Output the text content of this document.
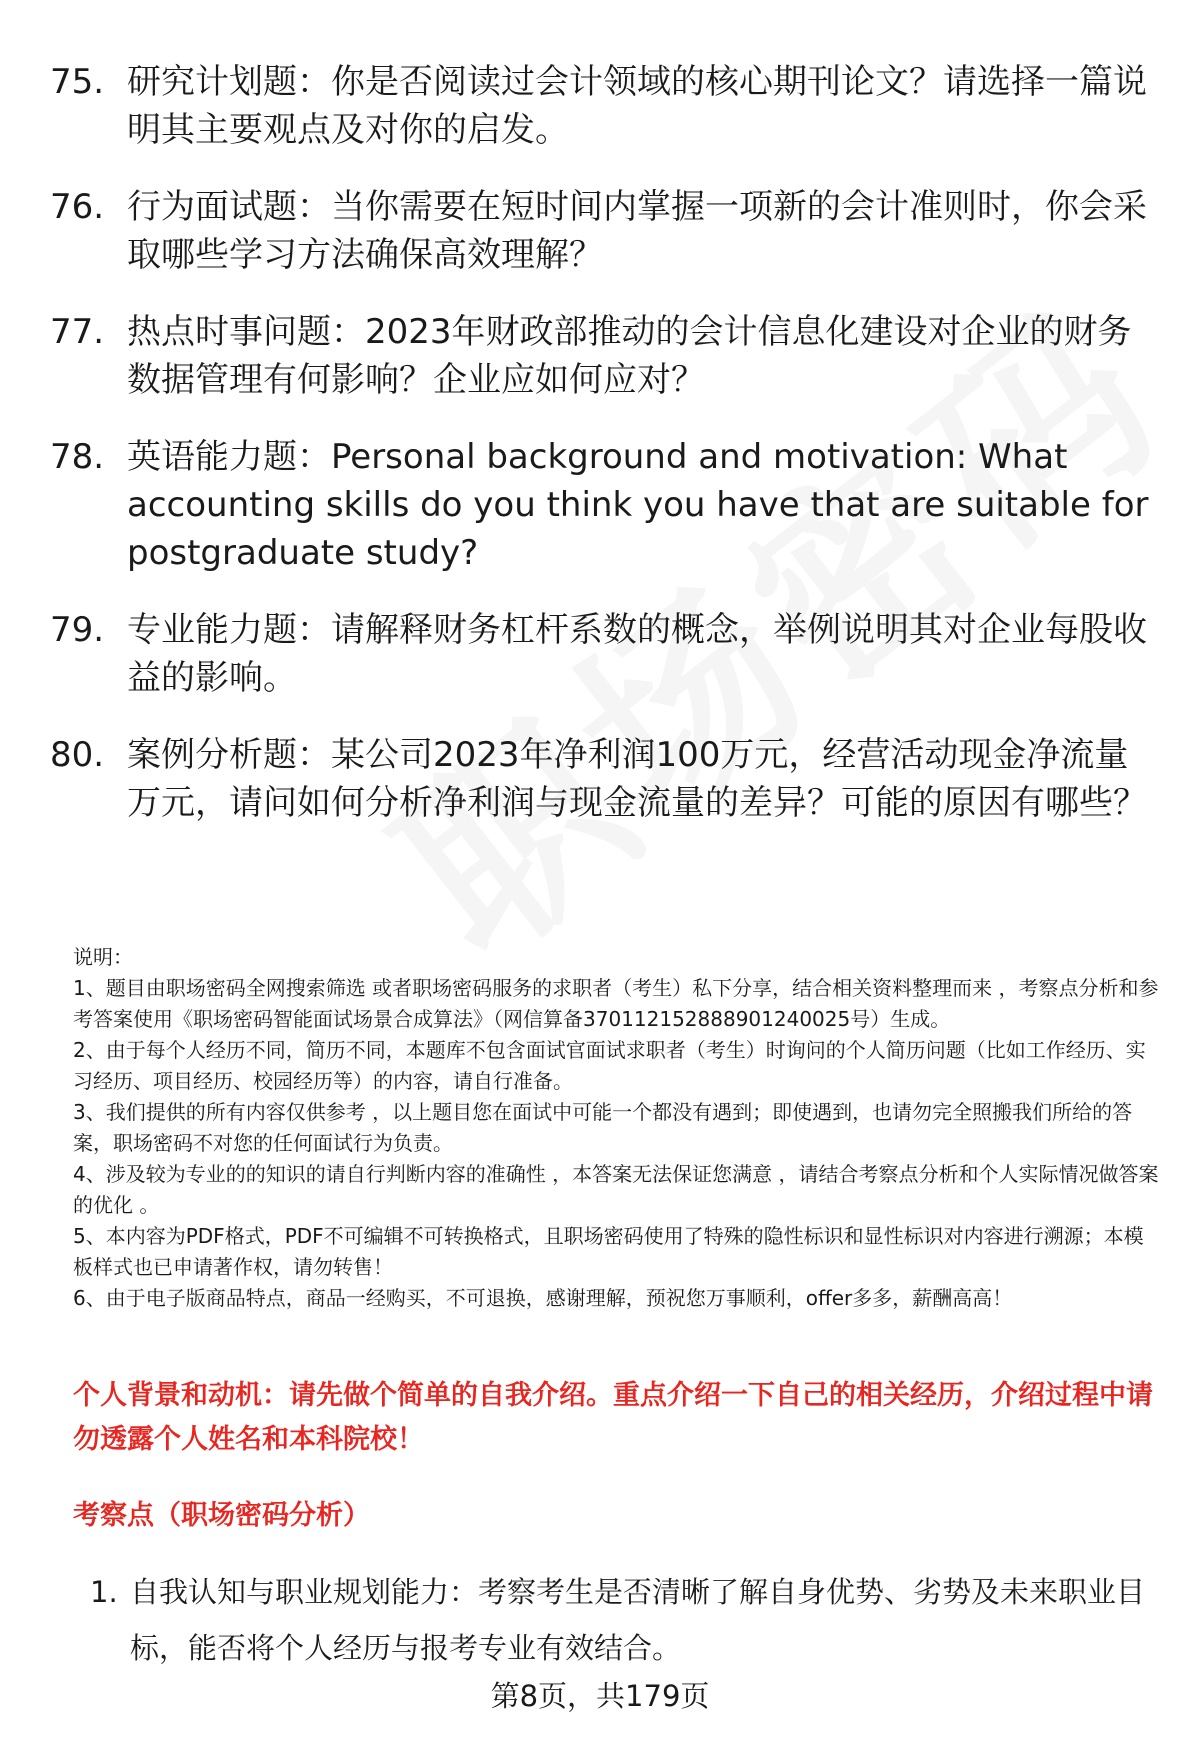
75. 研究计划题：你是否阅读过会计领域的核心期刊论文？请选择一篇说明其主要观点及对你的启发。
76. 行为面试题：当你需要在短时间内掌握一项新的会计准则时，你会采取哪些学习方法确保高效理解？
77. 热点时事问题：2023年财政部推动的会计信息化建设对企业的财务数据管理有何影响？企业应如何应对？
78. 英语能力题：Personal background and motivation: What accounting skills do you think you have that are suitable for postgraduate study?
79. 专业能力题：请解释财务杠杆系数的概念，举例说明其对企业每股收益的影响。
80. 案例分析题：某公司2023年净利润100万元，经营活动现金净流量万元，请问如何分析净利润与现金流量的差异？可能的原因有哪些？

说明：

1、题目由职场密码全网搜索筛选 或者职场密码服务的求职者（考生）私下分享，结合相关资料整理而来 ，考察点分析和参考答案使用《职场密码智能面试场景合成算法》（网信算备370112152888901240025号）生成。

2、由于每个人经历不同，简历不同，本题库不包含面试官面试求职者（考生）时询问的个人简历问题（比如工作经历、实习经历、项目经历、校园经历等）的内容，请自行准备。

3、我们提供的所有内容仅供参考 ，以上题目您在面试中可能一个都没有遇到；即使遇到，也请勿完全照搬我们所给的答案，职场密码不对您的任何面试行为负责。

4、涉及较为专业的的知识的请自行判断内容的准确性 ，本答案无法保证您满意 ，请结合考察点分析和个人实际情况做答案的优化 。

5、本内容为PDF格式，PDF不可编辑不可转换格式，且职场密码使用了特殊的隐性标识和显性标识对内容进行溯源；本模板样式也已申请著作权，请勿转售！

6、由于电子版商品特点，商品一经购买，不可退换，感谢理解，预祝您万事顺利，offer多多，薪酬高高！

个人背景和动机：请先做个简单的自我介绍。重点介绍一下自己的相关经历，介绍过程中请勿透露个人姓名和本科院校！
考察点（职场密码分析）
1. 自我认知与职业规划能力：考察考生是否清晰了解自身优势、劣势及未来职业目标，能否将个人经历与报考专业有效结合。
第8页，共179页
